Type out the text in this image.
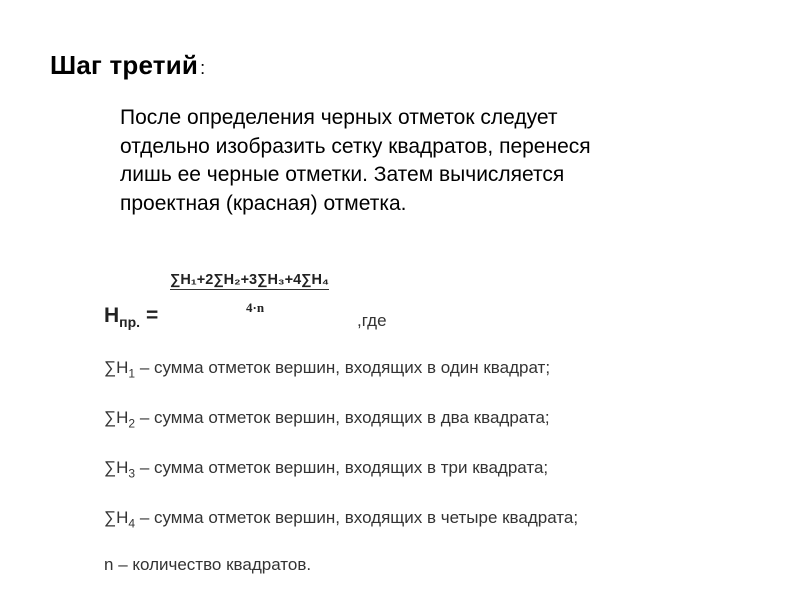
Шаг третий :
После определения черных отметок следует
отдельно изобразить сетку квадратов, перенеся
лишь ее черные отметки. Затем вычисляется
проектная (красная) отметка.
∑H₁+2∑H₂+3∑H₃+4∑H₄
4·n
$H_{пр.}$ =	,где
$\sum H_1$ – сумма отметок вершин, входящих в один квадрат;
$\sum H_2$ – сумма отметок вершин, входящих в два квадрата;
$\sum H_3$ – сумма отметок вершин, входящих в три квадрата;
$\sum H_4$ – сумма отметок вершин, входящих в четыре квадрата;
n – количество квадратов.
